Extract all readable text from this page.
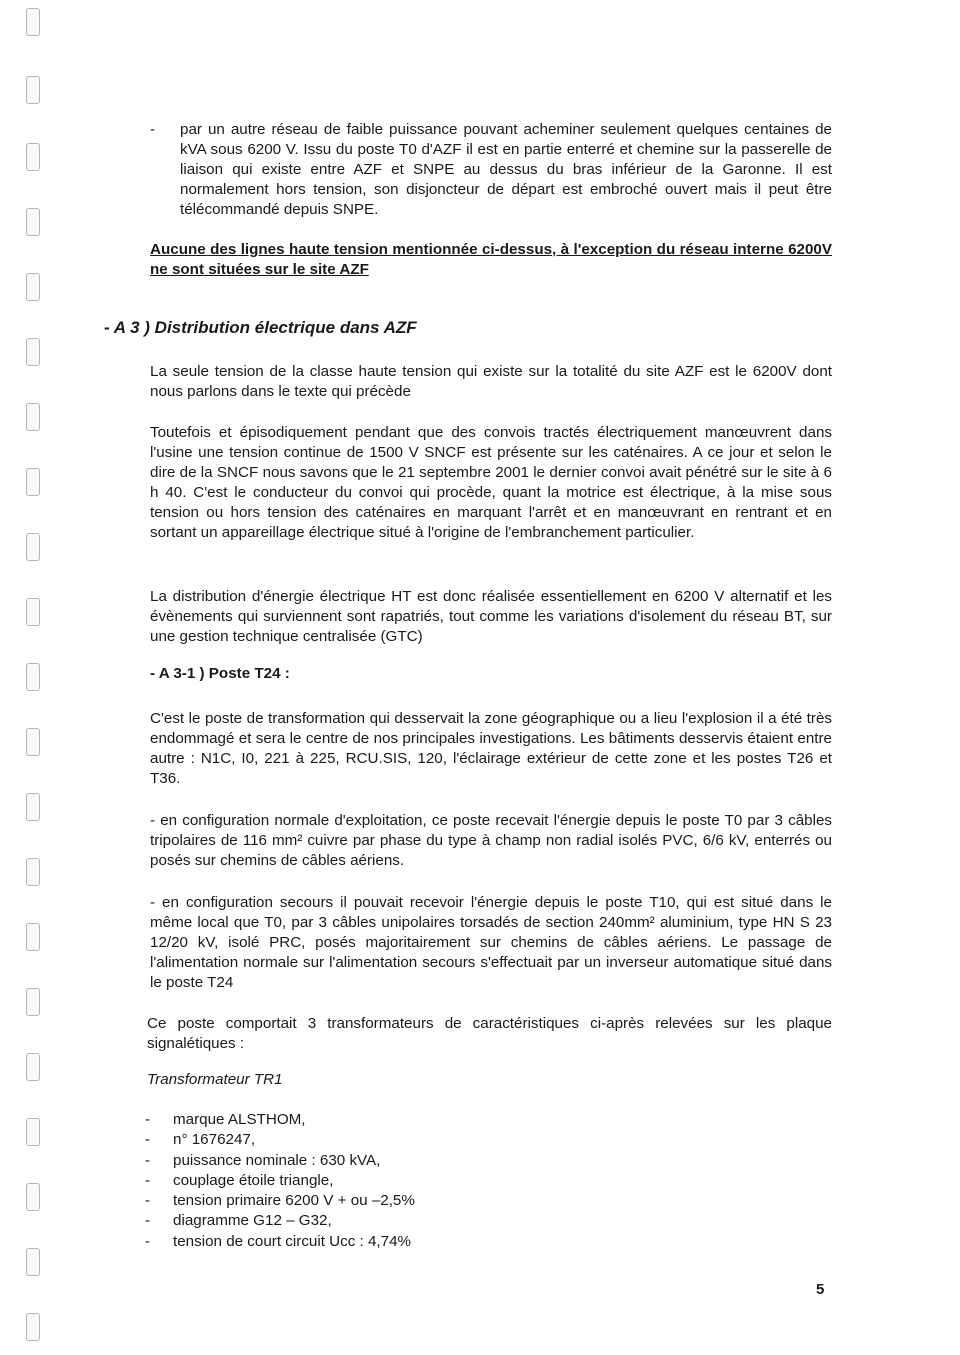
- par un autre réseau de faible puissance pouvant acheminer seulement quelques centaines de kVA sous 6200 V. Issu du poste T0 d'AZF il est en partie enterré et chemine sur la passerelle de liaison qui existe entre AZF et SNPE au dessus du bras inférieur de la Garonne. Il est normalement hors tension, son disjoncteur de départ est embroché ouvert mais il peut être télécommandé depuis SNPE.

Aucune des lignes haute tension mentionnée ci-dessus, à l'exception du réseau interne 6200V ne sont situées sur le site AZF

- A 3 ) Distribution électrique dans AZF

La seule tension de la classe haute tension qui existe sur la totalité du site AZF est le 6200V dont nous parlons dans le texte qui précède

Toutefois et épisodiquement pendant que des convois tractés électriquement manœuvrent dans l'usine une tension continue de 1500 V SNCF est présente sur les caténaires. A ce jour et selon le dire de la SNCF nous savons que le 21 septembre 2001 le dernier convoi avait pénétré sur le site à 6 h 40. C'est le conducteur du convoi qui procède, quant la motrice est électrique, à la mise sous tension ou hors tension des caténaires en marquant l'arrêt et en manœuvrant en rentrant et en sortant un appareillage électrique situé à l'origine de l'embranchement particulier.

La distribution d'énergie électrique HT est donc réalisée essentiellement en 6200 V alternatif et les évènements qui surviennent sont rapatriés, tout comme les variations d'isolement du réseau BT, sur une gestion technique centralisée (GTC)

- A 3-1 ) Poste T24 :

C'est le poste de transformation qui desservait la zone géographique ou a lieu l'explosion il a été très endommagé et sera le centre de nos principales investigations. Les bâtiments desservis étaient entre autre : N1C, I0, 221 à 225, RCU.SIS, 120, l'éclairage extérieur de cette zone et les postes T26 et T36.

- en configuration normale d'exploitation, ce poste recevait l'énergie depuis le poste T0 par 3 câbles tripolaires de 116 mm² cuivre par phase du type à champ non radial isolés PVC, 6/6 kV, enterrés ou posés sur chemins de câbles aériens.

- en configuration secours il pouvait recevoir l'énergie depuis le poste T10, qui est situé dans le même local que T0, par 3 câbles unipolaires torsadés de section 240mm² aluminium, type HN S 23 12/20 kV, isolé PRC, posés majoritairement sur chemins de câbles aériens. Le passage de l'alimentation normale sur l'alimentation secours s'effectuait par un inverseur automatique situé dans le poste T24

Ce poste comportait 3 transformateurs de caractéristiques ci-après relevées sur les plaque signalétiques :

Transformateur TR1
- marque ALSTHOM,
- n° 1676247,
- puissance nominale : 630 kVA,
- couplage étoile triangle,
- tension primaire 6200 V + ou –2,5%
- diagramme G12 – G32,
- tension de court circuit Ucc : 4,74%
5
